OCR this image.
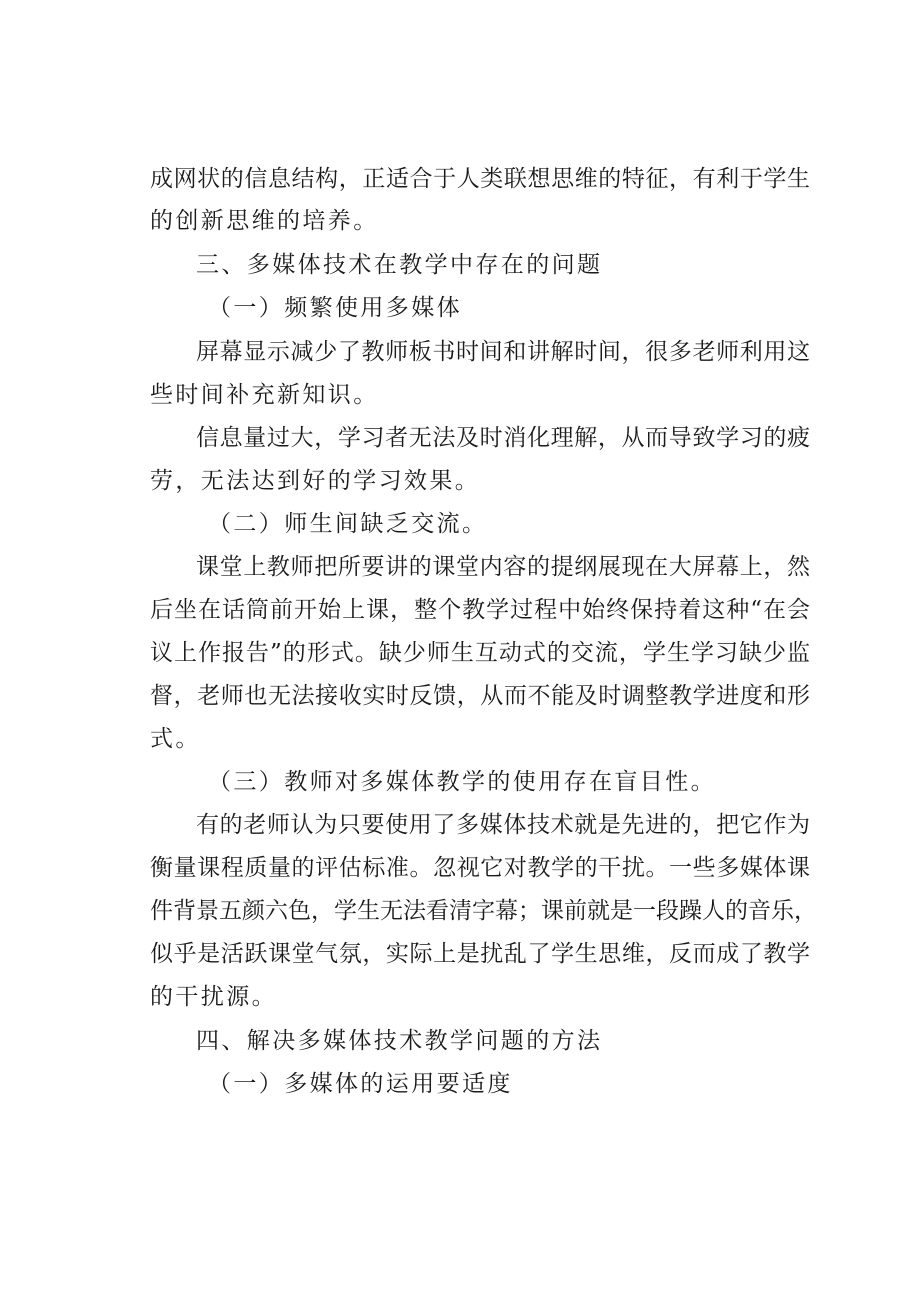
成网状的信息结构，正适合于人类联想思维的特征，有利于学生
的创新思维的培养。
三、多媒体技术在教学中存在的问题
（一）频繁使用多媒体
屏幕显示减少了教师板书时间和讲解时间，很多老师利用这
些时间补充新知识。
信息量过大，学习者无法及时消化理解，从而导致学习的疲
劳，无法达到好的学习效果。
（二）师生间缺乏交流。
课堂上教师把所要讲的课堂内容的提纲展现在大屏幕上，然
后坐在话筒前开始上课，整个教学过程中始终保持着这种“在会
议上作报告”的形式。缺少师生互动式的交流，学生学习缺少监
督，老师也无法接收实时反馈，从而不能及时调整教学进度和形
式。
（三）教师对多媒体教学的使用存在盲目性。
有的老师认为只要使用了多媒体技术就是先进的，把它作为
衡量课程质量的评估标准。忽视它对教学的干扰。一些多媒体课
件背景五颜六色，学生无法看清字幕；课前就是一段躁人的音乐，
似乎是活跃课堂气氛，实际上是扰乱了学生思维，反而成了教学
的干扰源。
四、解决多媒体技术教学问题的方法
（一）多媒体的运用要适度
